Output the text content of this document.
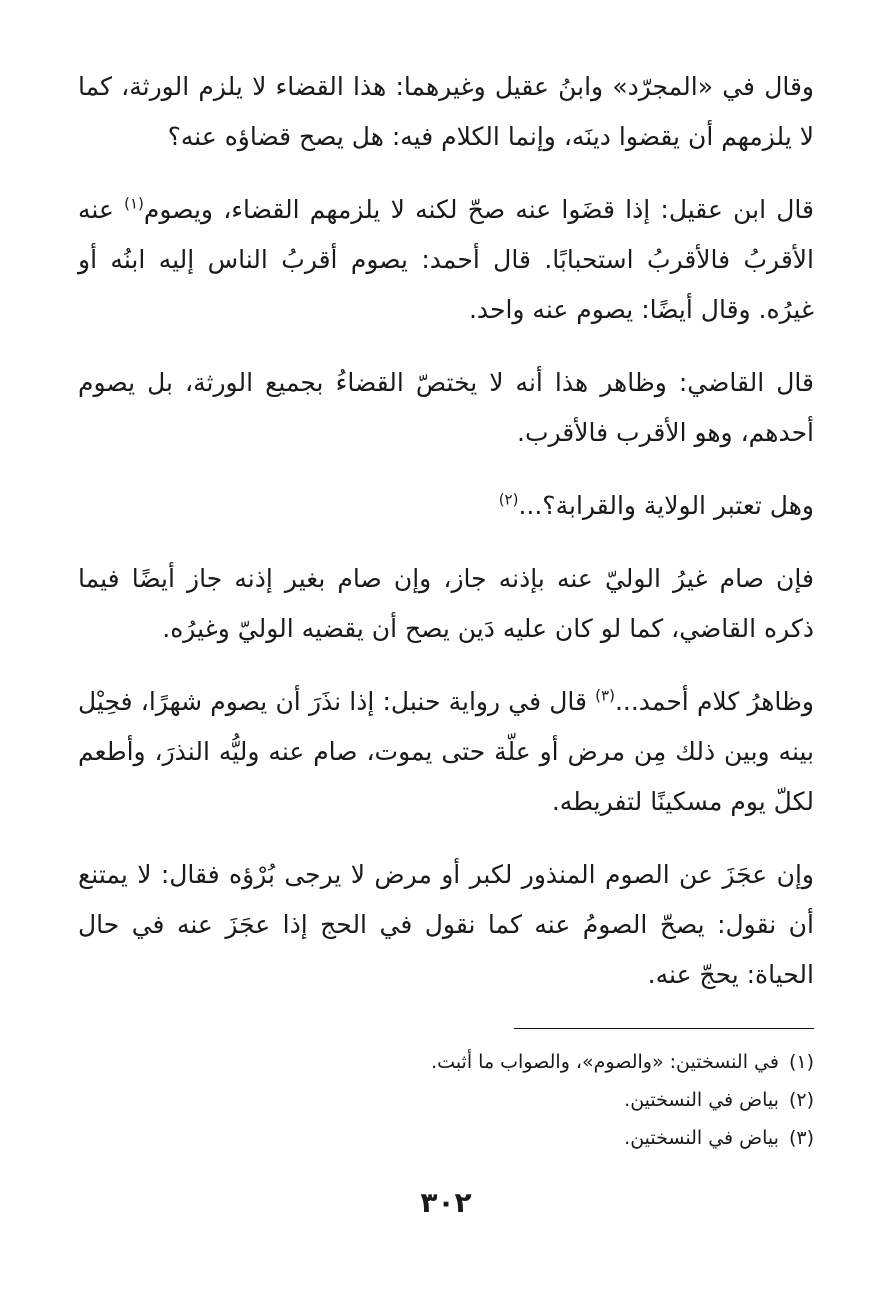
وقال في «المجرّد» وابنُ عقيل وغيرهما: هذا القضاء لا يلزم الورثة، كما لا يلزمهم أن يقضوا دينَه، وإنما الكلام فيه: هل يصح قضاؤه عنه؟

قال ابن عقيل: إذا قضَوا عنه صحّ لكنه لا يلزمهم القضاء، ويصوم$^{(١)}$ عنه الأقربُ فالأقربُ استحبابًا. قال أحمد: يصوم أقربُ الناس إليه ابنُه أو غيرُه. وقال أيضًا: يصوم عنه واحد.

قال القاضي: وظاهر هذا أنه لا يختصّ القضاءُ بجميع الورثة، بل يصوم أحدهم، وهو الأقرب فالأقرب.

وهل تعتبر الولاية والقرابة؟...$^{(٢)}$

فإن صام غيرُ الوليّ عنه بإذنه جاز، وإن صام بغير إذنه جاز أيضًا فيما ذكره القاضي، كما لو كان عليه دَين يصح أن يقضيه الوليّ وغيرُه.

وظاهرُ كلام أحمد...$^{(٣)}$ قال في رواية حنبل: إذا نذَرَ أن يصوم شهرًا، فحِيْل بينه وبين ذلك مِن مرض أو علّة حتى يموت، صام عنه وليُّه النذرَ، وأطعم لكلّ يوم مسكينًا لتفريطه.

وإن عجَزَ عن الصوم المنذور لكبر أو مرض لا يرجى بُرْؤه فقال: لا يمتنع أن نقول: يصحّ الصومُ عنه كما نقول في الحج إذا عجَزَ عنه في حال الحياة: يحجّ عنه.

(١)في النسختين: «والصوم»، والصواب ما أثبت.

(٢)بياض في النسختين.

(٣)بياض في النسختين.

٣٠٢
